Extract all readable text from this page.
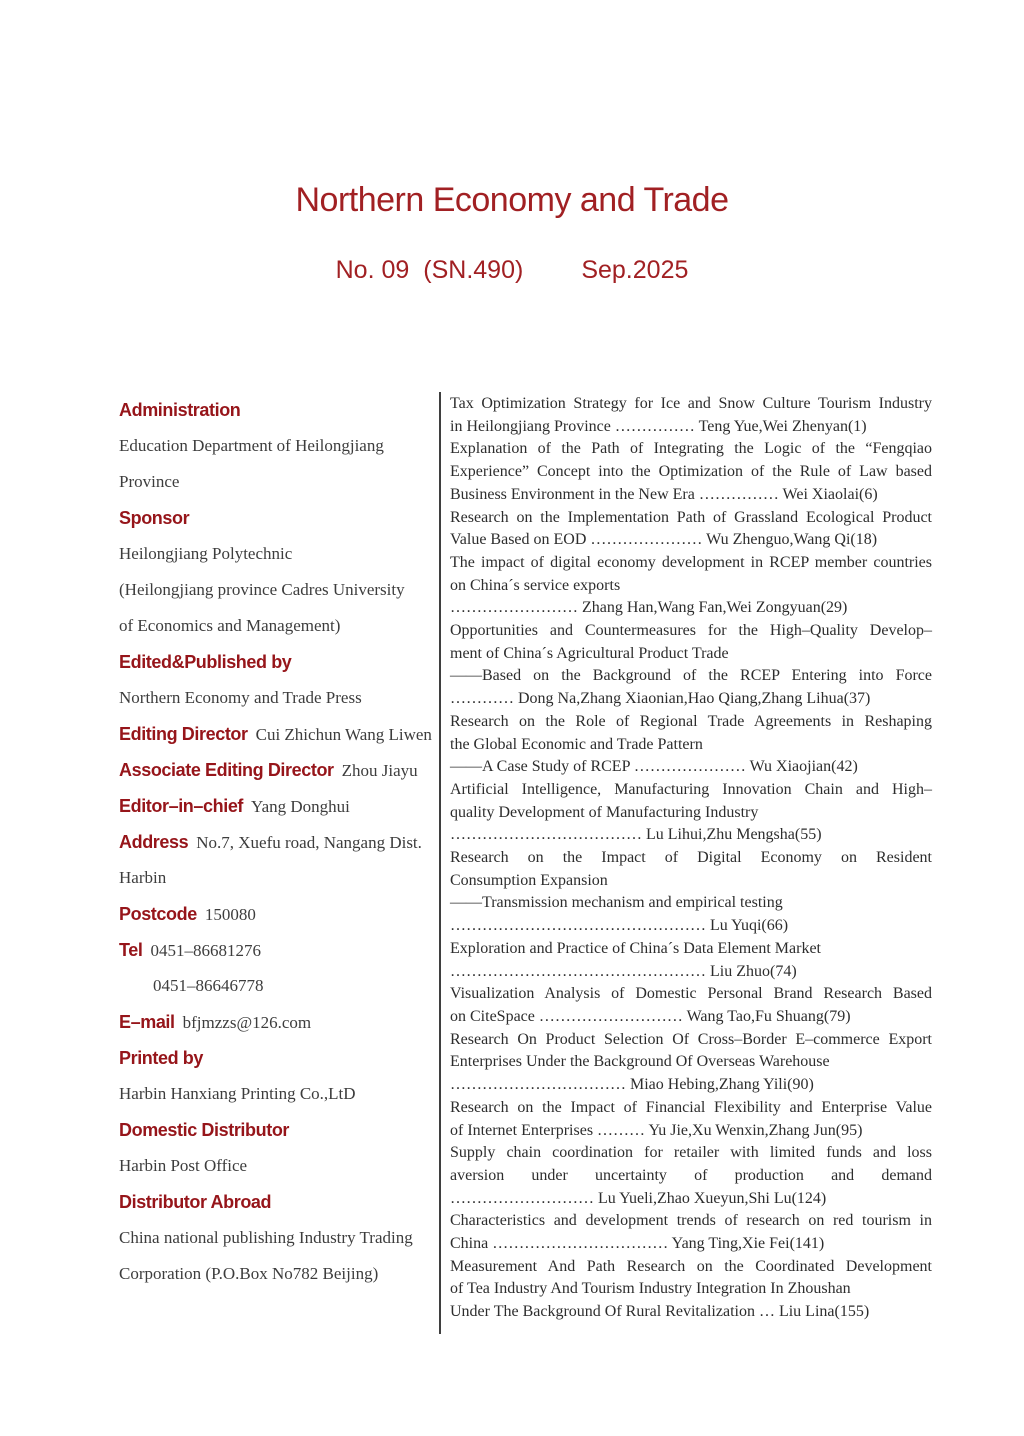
Northern Economy and Trade
No. 09 (SN.490) Sep.2025
Administration
Education Department of Heilongjiang
Province
Sponsor
Heilongjiang Polytechnic
(Heilongjiang province Cadres University
of Economics and Management)
Edited&Published by
Northern Economy and Trade Press
Editing Director Cui Zhichun Wang Liwen
Associate Editing Director Zhou Jiayu
Editor–in–chief Yang Donghui
Address No.7, Xuefu road, Nangang Dist.
Harbin
Postcode 150080
Tel 0451–86681276
0451–86646778
E–mail bfjmzzs@126.com
Printed by
Harbin Hanxiang Printing Co.,LtD
Domestic Distributor
Harbin Post Office
Distributor Abroad
China national publishing Industry Trading
Corporation (P.O.Box No782 Beijing)
Tax Optimization Strategy for Ice and Snow Culture Tourism Industry
in Heilongjiang Province …………… Teng Yue,Wei Zhenyan(1)
Explanation of the Path of Integrating the Logic of the “Fengqiao
Experience” Concept into the Optimization of the Rule of Law based
Business Environment in the New Era …………… Wei Xiaolai(6)
Research on the Implementation Path of Grassland Ecological Product
Value Based on EOD ………………… Wu Zhenguo,Wang Qi(18)
The impact of digital economy development in RCEP member countries
on China´s service exports
…………………… Zhang Han,Wang Fan,Wei Zongyuan(29)
Opportunities and Countermeasures for the High–Quality Develop–
ment of China´s Agricultural Product Trade
——Based on the Background of the RCEP Entering into Force
………… Dong Na,Zhang Xiaonian,Hao Qiang,Zhang Lihua(37)
Research on the Role of Regional Trade Agreements in Reshaping
the Global Economic and Trade Pattern
——A Case Study of RCEP ………………… Wu Xiaojian(42)
Artificial Intelligence, Manufacturing Innovation Chain and High–
quality Development of Manufacturing Industry
……………………………… Lu Lihui,Zhu Mengsha(55)
Research on the Impact of Digital Economy on Resident
Consumption Expansion
——Transmission mechanism and empirical testing
………………………………………… Lu Yuqi(66)
Exploration and Practice of China´s Data Element Market
………………………………………… Liu Zhuo(74)
Visualization Analysis of Domestic Personal Brand Research Based
on CiteSpace ……………………… Wang Tao,Fu Shuang(79)
Research On Product Selection Of Cross–Border E–commerce Export
Enterprises Under the Background Of Overseas Warehouse
…………………………… Miao Hebing,Zhang Yili(90)
Research on the Impact of Financial Flexibility and Enterprise Value
of Internet Enterprises ……… Yu Jie,Xu Wenxin,Zhang Jun(95)
Supply chain coordination for retailer with limited funds and loss
aversion under uncertainty of production and demand
……………………… Lu Yueli,Zhao Xueyun,Shi Lu(124)
Characteristics and development trends of research on red tourism in
China …………………………… Yang Ting,Xie Fei(141)
Measurement And Path Research on the Coordinated Development
of Tea Industry And Tourism Industry Integration In Zhoushan
Under The Background Of Rural Revitalization … Liu Lina(155)
